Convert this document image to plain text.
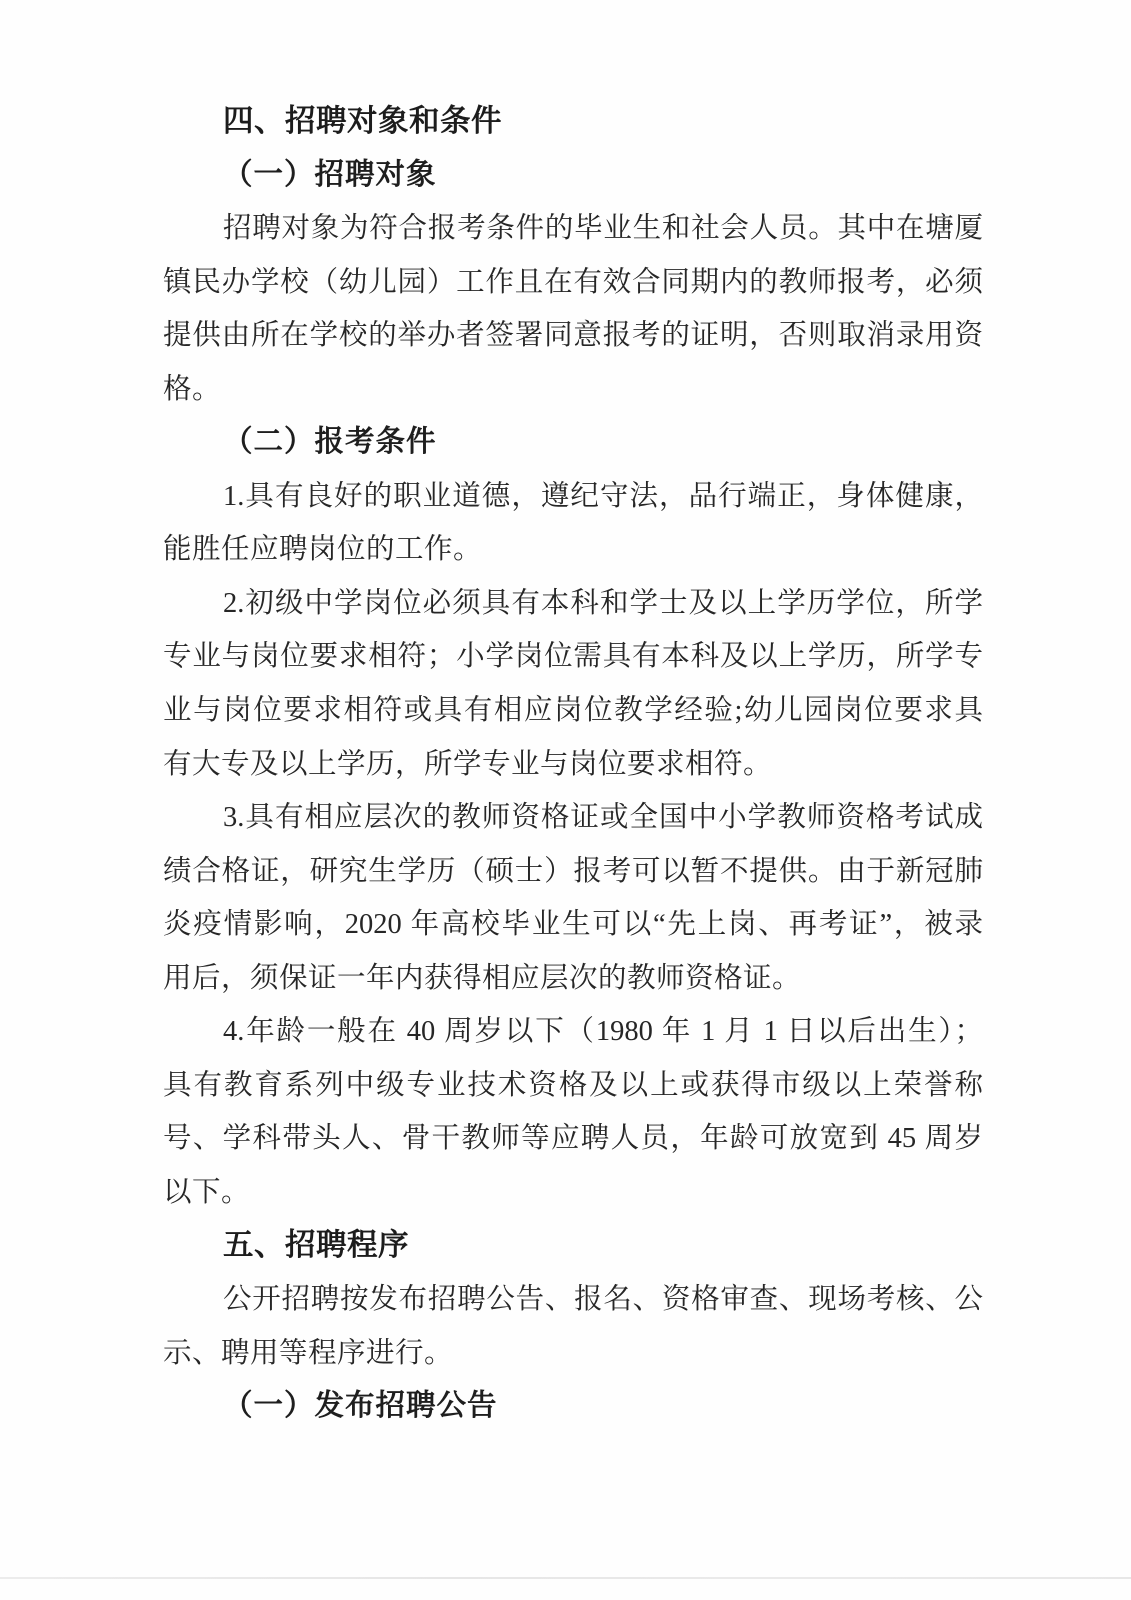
四、招聘对象和条件
（一）招聘对象
招聘对象为符合报考条件的毕业生和社会人员。其中在塘厦
镇民办学校（幼儿园）工作且在有效合同期内的教师报考，必须
提供由所在学校的举办者签署同意报考的证明，否则取消录用资
格。
（二）报考条件
1.具有良好的职业道德，遵纪守法，品行端正，身体健康，
能胜任应聘岗位的工作。
2.初级中学岗位必须具有本科和学士及以上学历学位，所学
专业与岗位要求相符；小学岗位需具有本科及以上学历，所学专
业与岗位要求相符或具有相应岗位教学经验;幼儿园岗位要求具
有大专及以上学历，所学专业与岗位要求相符。
3.具有相应层次的教师资格证或全国中小学教师资格考试成
绩合格证，研究生学历（硕士）报考可以暂不提供。由于新冠肺
炎疫情影响，2020 年高校毕业生可以“先上岗、再考证”，被录
用后，须保证一年内获得相应层次的教师资格证。
4.年龄一般在 40 周岁以下（1980 年 1 月 1 日以后出生）；
具有教育系列中级专业技术资格及以上或获得市级以上荣誉称
号、学科带头人、骨干教师等应聘人员，年龄可放宽到 45 周岁
以下。
五、招聘程序
公开招聘按发布招聘公告、报名、资格审查、现场考核、公
示、聘用等程序进行。
（一）发布招聘公告
